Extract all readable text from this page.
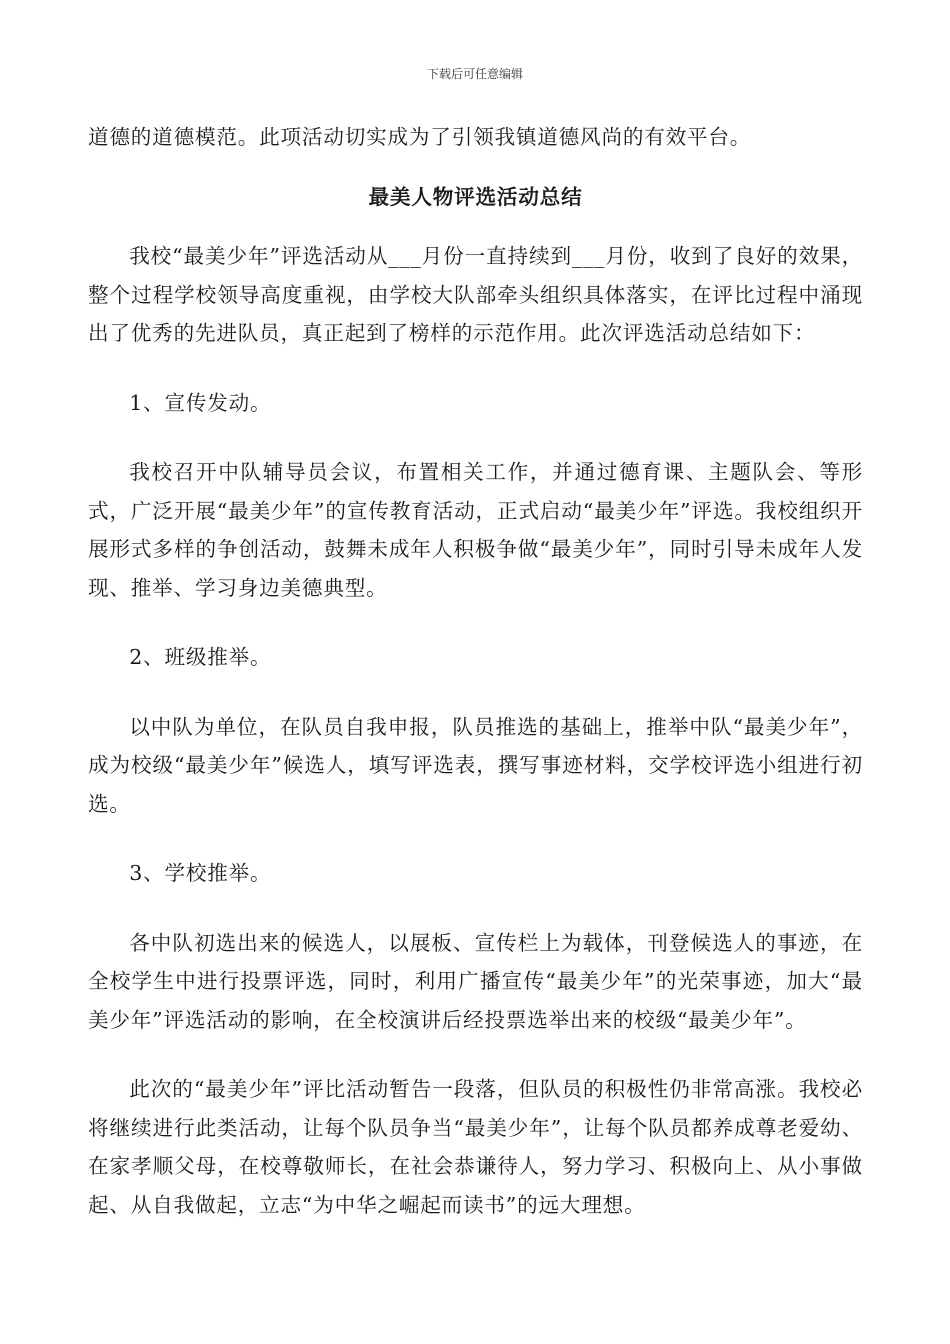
下载后可任意编辑

道德的道德模范。此项活动切实成为了引领我镇道德风尚的有效平台。

最美人物评选活动总结

我校“最美少年”评选活动从___月份一直持续到___月份，收到了良好的效果，整个过程学校领导高度重视，由学校大队部牵头组织具体落实，在评比过程中涌现出了优秀的先进队员，真正起到了榜样的示范作用。此次评选活动总结如下：

1、宣传发动。

我校召开中队辅导员会议，布置相关工作，并通过德育课、主题队会、等形式，广泛开展“最美少年”的宣传教育活动，正式启动“最美少年”评选。我校组织开展形式多样的争创活动，鼓舞未成年人积极争做“最美少年”，同时引导未成年人发现、推举、学习身边美德典型。

2、班级推举。

以中队为单位，在队员自我申报，队员推选的基础上，推举中队“最美少年”，成为校级“最美少年”候选人，填写评选表，撰写事迹材料，交学校评选小组进行初选。

3、学校推举。

各中队初选出来的候选人，以展板、宣传栏上为载体，刊登候选人的事迹，在全校学生中进行投票评选，同时，利用广播宣传“最美少年”的光荣事迹，加大“最美少年”评选活动的影响，在全校演讲后经投票选举出来的校级“最美少年”。

此次的“最美少年”评比活动暂告一段落，但队员的积极性仍非常高涨。我校必将继续进行此类活动，让每个队员争当“最美少年”，让每个队员都养成尊老爱幼、在家孝顺父母，在校尊敬师长，在社会恭谦待人，努力学习、积极向上、从小事做起、从自我做起，立志“为中华之崛起而读书”的远大理想。
